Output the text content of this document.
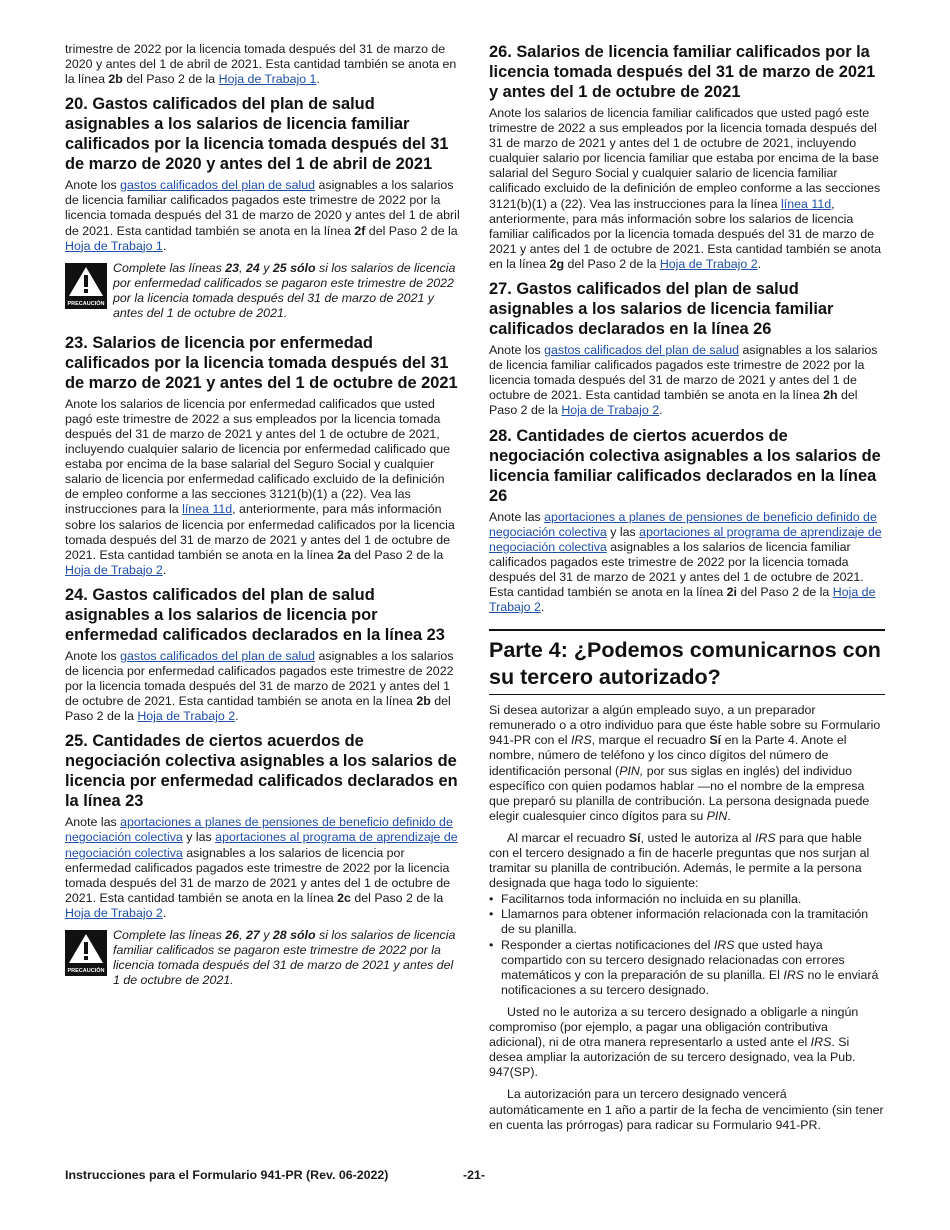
trimestre de 2022 por la licencia tomada después del 31 de marzo de 2020 y antes del 1 de abril de 2021. Esta cantidad también se anota en la línea 2b del Paso 2 de la Hoja de Trabajo 1.

20. Gastos calificados del plan de salud asignables a los salarios de licencia familiar calificados por la licencia tomada después del 31 de marzo de 2020 y antes del 1 de abril de 2021

Anote los gastos calificados del plan de salud asignables a los salarios de licencia familiar calificados pagados este trimestre de 2022 por la licencia tomada después del 31 de marzo de 2020 y antes del 1 de abril de 2021. Esta cantidad también se anota en la línea 2f del Paso 2 de la Hoja de Trabajo 1.

PRECAUCIÓN
Complete las líneas 23, 24 y 25 sólo si los salarios de licencia por enfermedad calificados se pagaron este trimestre de 2022 por la licencia tomada después del 31 de marzo de 2021 y antes del 1 de octubre de 2021.
23. Salarios de licencia por enfermedad calificados por la licencia tomada después del 31 de marzo de 2021 y antes del 1 de octubre de 2021

Anote los salarios de licencia por enfermedad calificados que usted pagó este trimestre de 2022 a sus empleados por la licencia tomada después del 31 de marzo de 2021 y antes del 1 de octubre de 2021, incluyendo cualquier salario de licencia por enfermedad calificado que estaba por encima de la base salarial del Seguro Social y cualquier salario de licencia por enfermedad calificado excluido de la definición de empleo conforme a las secciones 3121(b)(1) a (22). Vea las instrucciones para la línea 11d, anteriormente, para más información sobre los salarios de licencia por enfermedad calificados por la licencia tomada después del 31 de marzo de 2021 y antes del 1 de octubre de 2021. Esta cantidad también se anota en la línea 2a del Paso 2 de la Hoja de Trabajo 2.

24. Gastos calificados del plan de salud asignables a los salarios de licencia por enfermedad calificados declarados en la línea 23

Anote los gastos calificados del plan de salud asignables a los salarios de licencia por enfermedad calificados pagados este trimestre de 2022 por la licencia tomada después del 31 de marzo de 2021 y antes del 1 de octubre de 2021. Esta cantidad también se anota en la línea 2b del Paso 2 de la Hoja de Trabajo 2.

25. Cantidades de ciertos acuerdos de negociación colectiva asignables a los salarios de licencia por enfermedad calificados declarados en la línea 23

Anote las aportaciones a planes de pensiones de beneficio definido de negociación colectiva y las aportaciones al programa de aprendizaje de negociación colectiva asignables a los salarios de licencia por enfermedad calificados pagados este trimestre de 2022 por la licencia tomada después del 31 de marzo de 2021 y antes del 1 de octubre de 2021. Esta cantidad también se anota en la línea 2c del Paso 2 de la Hoja de Trabajo 2.

PRECAUCIÓN
Complete las líneas 26, 27 y 28 sólo si los salarios de licencia familiar calificados se pagaron este trimestre de 2022 por la licencia tomada después del 31 de marzo de 2021 y antes del 1 de octubre de 2021.
26. Salarios de licencia familiar calificados por la licencia tomada después del 31 de marzo de 2021 y antes del 1 de octubre de 2021

Anote los salarios de licencia familiar calificados que usted pagó este trimestre de 2022 a sus empleados por la licencia tomada después del 31 de marzo de 2021 y antes del 1 de octubre de 2021, incluyendo cualquier salario por licencia familiar que estaba por encima de la base salarial del Seguro Social y cualquier salario de licencia familiar calificado excluido de la definición de empleo conforme a las secciones 3121(b)(1) a (22). Vea las instrucciones para la línea línea 11d, anteriormente, para más información sobre los salarios de licencia familiar calificados por la licencia tomada después del 31 de marzo de 2021 y antes del 1 de octubre de 2021. Esta cantidad también se anota en la línea 2g del Paso 2 de la Hoja de Trabajo 2.

27. Gastos calificados del plan de salud asignables a los salarios de licencia familiar calificados declarados en la línea 26

Anote los gastos calificados del plan de salud asignables a los salarios de licencia familiar calificados pagados este trimestre de 2022 por la licencia tomada después del 31 de marzo de 2021 y antes del 1 de octubre de 2021. Esta cantidad también se anota en la línea 2h del Paso 2 de la Hoja de Trabajo 2.

28. Cantidades de ciertos acuerdos de negociación colectiva asignables a los salarios de licencia familiar calificados declarados en la línea 26

Anote las aportaciones a planes de pensiones de beneficio definido de negociación colectiva y las aportaciones al programa de aprendizaje de negociación colectiva asignables a los salarios de licencia familiar calificados pagados este trimestre de 2022 por la licencia tomada después del 31 de marzo de 2021 y antes del 1 de octubre de 2021. Esta cantidad también se anota en la línea 2i del Paso 2 de la Hoja de Trabajo 2.

Parte 4: ¿Podemos comunicarnos con su tercero autorizado?

Si desea autorizar a algún empleado suyo, a un preparador remunerado o a otro individuo para que éste hable sobre su Formulario 941-PR con el IRS, marque el recuadro Sí en la Parte 4. Anote el nombre, número de teléfono y los cinco dígitos del número de identificación personal (PIN, por sus siglas en inglés) del individuo específico con quien podamos hablar —no el nombre de la empresa que preparó su planilla de contribución. La persona designada puede elegir cualesquier cinco dígitos para su PIN.

Al marcar el recuadro Sí, usted le autoriza al IRS para que hable con el tercero designado a fin de hacerle preguntas que nos surjan al tramitar su planilla de contribución. Además, le permite a la persona designada que haga todo lo siguiente:

• Facilitarnos toda información no incluida en su planilla.
• Llamarnos para obtener información relacionada con la tramitación de su planilla.
• Responder a ciertas notificaciones del IRS que usted haya compartido con su tercero designado relacionadas con errores matemáticos y con la preparación de su planilla. El IRS no le enviará notificaciones a su tercero designado.

Usted no le autoriza a su tercero designado a obligarle a ningún compromiso (por ejemplo, a pagar una obligación contributiva adicional), ni de otra manera representarlo a usted ante el IRS. Si desea ampliar la autorización de su tercero designado, vea la Pub. 947(SP).

La autorización para un tercero designado vencerá automáticamente en 1 año a partir de la fecha de vencimiento (sin tener en cuenta las prórrogas) para radicar su Formulario 941-PR.

Instrucciones para el Formulario 941-PR (Rev. 06-2022)	-21-
